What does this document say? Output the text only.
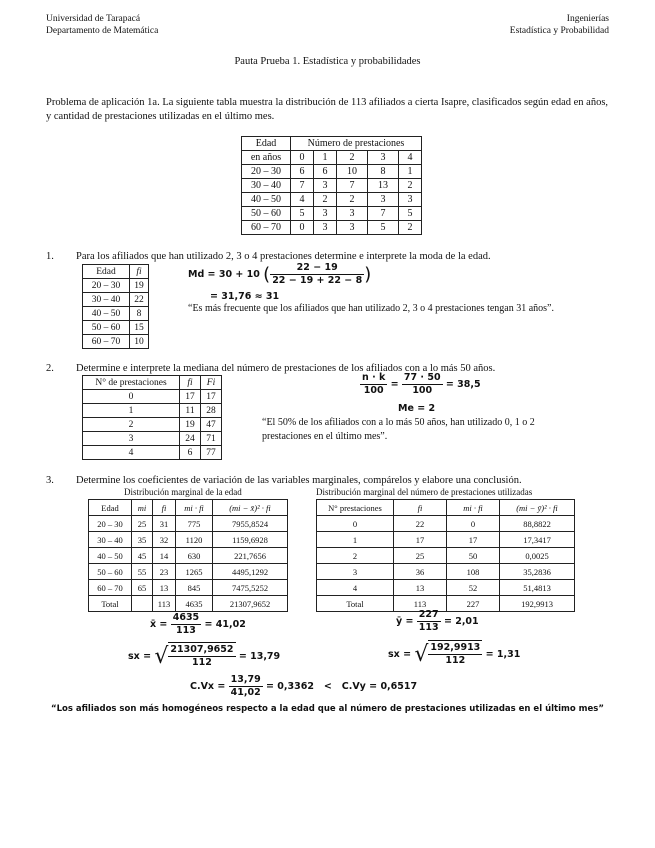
Universidad de Tarapacá
Departamento de Matemática
Ingenierías
Estadística y Probabilidad
Pauta Prueba 1. Estadística y probabilidades
Problema de aplicación 1a. La siguiente tabla muestra la distribución de 113 afiliados a cierta Isapre, clasificados según edad en años, y cantidad de prestaciones utilizadas en el último mes.
Edad	Número de prestaciones				
en años	0	1	2	3	4
20 – 30	6	6	10	8	1
30 – 40	7	3	7	13	2
40 – 50	4	2	2	3	3
50 – 60	5	3	3	7	5
60 – 70	0	3	3	5	2
1. Para los afiliados que han utilizado 2, 3 o 4 prestaciones determine e interprete la moda de la edad.
Edad	fi
20 – 30	19
30 – 40	22
40 – 50	8
50 – 60	15
60 – 70	10
Md = 30 + 10 ( $\frac{22 - 19}{22 - 19 + 22 - 8}$ )
= 31,76 ≈ 31
“Es más frecuente que los afiliados que han utilizado 2, 3 o 4 prestaciones tengan 31 años”.
2. Determine e interprete la mediana del número de prestaciones de los afiliados con a lo más 50 años.
N° de prestaciones	fi	Fi
0	17	17
1	11	28
2	19	47
3	24	71
4	6	77
$\frac{n \cdot k}{100} = \frac{77 \cdot 50}{100} = 38,5$
Me = 2
“El 50% de los afiliados con a lo más 50 años, han utilizado 0, 1 o 2 prestaciones en el último mes”.
3. Determine los coeficientes de variación de las variables marginales, compárelos y elabore una conclusión.
Distribución marginal de la edad	Distribución marginal del número de prestaciones utilizadas
Edad	mi	fi	mi · fi	(mi − x̄)² · fi
20 – 30	25	31	775	7955,8524
30 – 40	35	32	1120	1159,6928
40 – 50	45	14	630	221,7656
50 – 60	55	23	1265	4495,1292
60 – 70	65	13	845	7475,5252
Total		113	4635	21307,9652
N° prestaciones	fi	mi · fi	(mi − ȳ)² · fi
0	22	0	88,8822
1	17	17	17,3417
2	25	50	0,0025
3	36	108	35,2836
4	13	52	51,4813
Total	113	227	192,9913
x̄ = $\frac{4635}{113} = 41,02$
sx = √ $\frac{21307,9652}{112} = 13,79$
ȳ = $\frac{227}{113} = 2,01$
sx = √ $\frac{192,9913}{112} = 1,31$
$C.Vx = \frac{13,79}{41,02} = 0,3362 < C.Vy = 0,6517$
“Los afiliados son más homogéneos respecto a la edad que al número de prestaciones utilizadas en el último mes”
